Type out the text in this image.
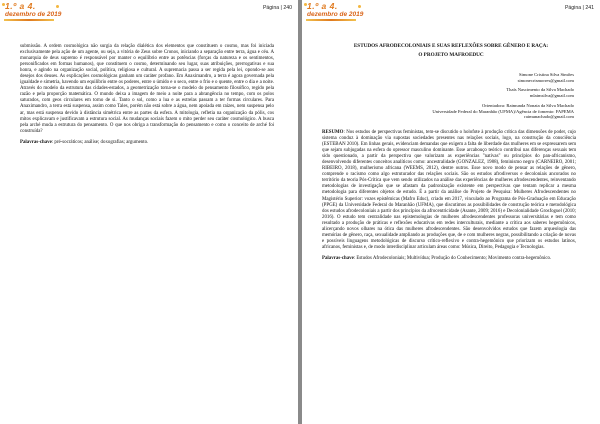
1.º a 4.
dezembro de 2019
Página | 240

submissão. A ordem cosmológica não surgia da relação dialética dos elementos que constituem o cosmo, mas foi iniciada exclusivamente pela ação de um agente, ou seja, a vitória de Zeus sobre Cronos, iniciando a separação entre terra, água e céu. A monarquia de deus supremo é responsável por manter o equilíbrio entre as potências (forças da natureza e os sentimentos, personificados em formas humanos), que constituem o cosmo, determinando seu lugar, suas atribuições, prerrogativas e sua honra, e agindo na organização social, política, religiosa e cultural. A supremacia passa a ser regida pela lei, opondo-se aos desejos dos deuses. As explicações cosmológicas ganham um caráter profano. Em Anaximandro, a terra é agora governada pela igualdade e simetria, havendo um equilíbrio entre os poderes, entre o úmido e o seco, entre o frio e o quente, entre o dia e a noite. Através do modelo da estrutura das cidades-estados, a geometrização torna-se o modelo do pensamento filosófico, regido pela razão e pela proporção matemática. O mundo deixa a imagem de meio a noite para a abrangência no tempo, com os polos saturados, com geos circulares em torno de si. Tanto o sol, como a lua e as estrelas passam a ter formas circulares. Para Anaximandro, a terra está suspensa, assim como Tales, porém não está sobre a água, nem apoiada em raízes, nem suspensa pelo ar, mas está suspensa devido à distância simétrica entre as partes da esfera. A mitologia, refletia na organização da pólis, cos mitos explicavam e justificavam a estrutura social. As mudanças sociais fazem o mito perder seu caráter cosmológico. A busca pela arché muda a estrutura do pensamento. O que nos obriga a transformação do pensamento e como o conceito de arché foi construída?

Palavras-chave: pré-socráticos; análise; doxografias; argumento.
1.º a 4.
dezembro de 2019
Página | 241
ESTUDOS AFRODECOLONIAIS E SUAS REFLEXÕES SOBRE GÊNERO E RAÇA:
O PROJETO MAFROEDUC
Simone Cristina Silva Simões
simonecrismorres@gmail.com
Thaís Nascimento da Silva Machado
mlaimsilva@gmail.com
Orientadora: Raimunda Nonata da Silva Machado
Universidade Federal do Maranhão (UFMA)/Agência de fomento: FAPEMA
raimunachado@gmail.com

RESUMO: Nos estudos de perspectivas feministas, tem-se discutido o holofote à produção crítica das dimensões de poder, cujo sistema conduz à dominação via supostas sociedades presentes nas relações sociais, logo, na construção da consciência (ESTEBAN 2010). Em linhas gerais, evidenciam demandas que exigem a falta de liberdade das mulheres em se expressarem sem que sejam subjugadas na esfera do opressor masculino dominante. Esse arcabouço teórico contribui nas diferenças sexuais tem sido questionado, a partir da perspectiva que valorizam as experiências "nativas" ou princípios do pan-africanismo, desenvolvendo diferentes conceitos analíticos como: ancestralidade (GONZALEZ, 1988), feminismo negro (CARNEIRO, 2001; RIBEIRO, 2018), mulherismo africana (WEEMS, 2012), dentre outros. Esse novo modo de pensar as relações de gênero, comprende o racismo como algo estruturador das relações sociais. São os estudos afrodiversos e decoloniais ancorados no território da teoria Pós-Crítica que vem sendo utilizados na análise das experiências de mulheres afrodescendentes, reinventando metodologias de investigação que se afastam da padronização existente em perspectivas que tentam replicar a mesma metodologia para diferentes objetos de estudo. É a partir da análise do Projeto de Pesquisa: Mulheres Afrodescendentes no Magistério Superior: vozes epistêmicas (Mafro Educ), criado em 2017, vinculado ao Programa de Pós-Graduação em Educação (PPGE) da Universidade Federal do Maranhão (UFMA), que discutimos as possibilidades de construção teórica e metodológica dos estudos afrodecoloniais a partir dos princípios da afrocentricidade (Asante, 2009; 2016) e Decolonialidade Grosfoguel (2010; 2016). O estudo tem centralidade nas epistemologias de mulheres afrodescendentes professoras universitárias e tem como resultado a produção de práticas e reflexões educativas em redes interculturais, mediante a crítica aos saberes hegemônicos, alicerçando novos olhares na ótica das mulheres afrodescendentes. São desenvolvidos estudos que fazem arqueologia das memórias de gênero, raça, sexualidade ampliando as produções que, de e com mulheres negras, possibilitando a criação de novas e possíveis linguagens metodológicas de discurso crítico-reflexivo e contra-hegemônico que priorizam os estudos latinos, africanos, feministas e, de modo interdisciplinar articulam áreas como: Música, Direito, Pedagogia e Tecnologias.

Palavras-chave: Estudos Afrodecoloniais; Multivídua; Produção do Conhecimento; Movimento contra-hegemônico.
